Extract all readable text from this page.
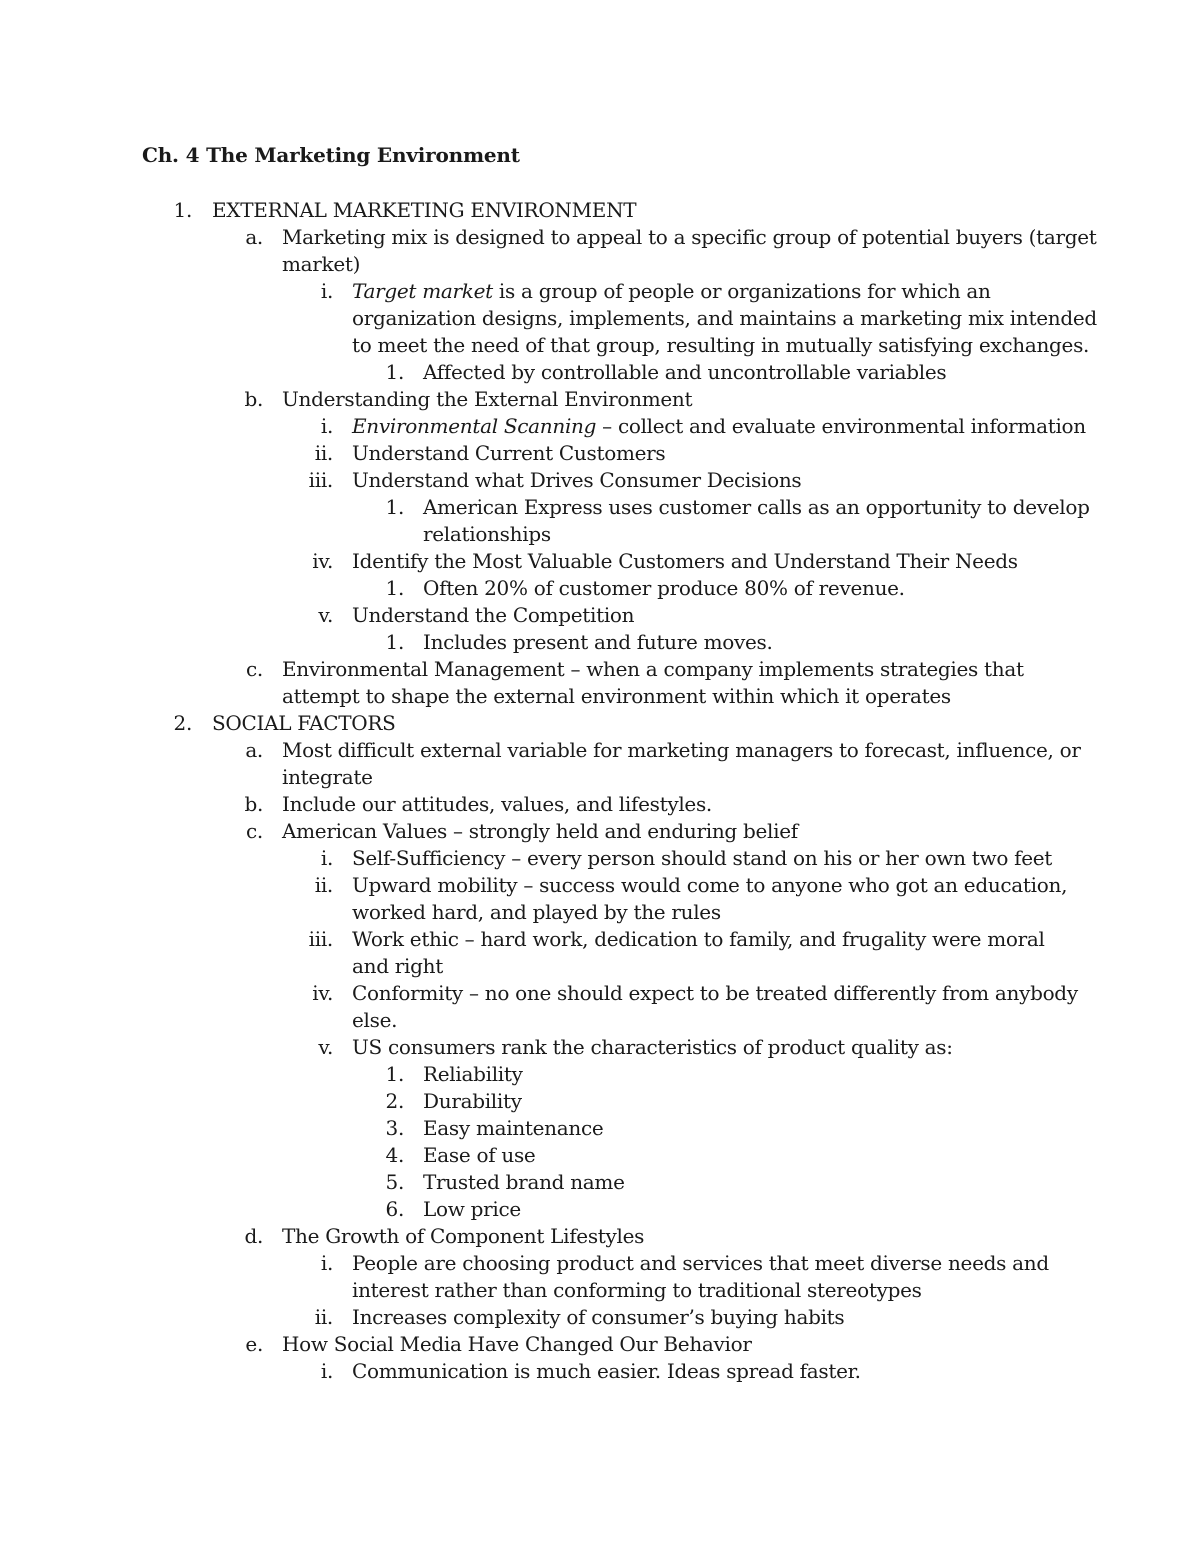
Ch. 4 The Marketing Environment
1. EXTERNAL MARKETING ENVIRONMENT
a. Marketing mix is designed to appeal to a specific group of potential buyers (target
market)
i. Target market is a group of people or organizations for which an
organization designs, implements, and maintains a marketing mix intended
to meet the need of that group, resulting in mutually satisfying exchanges.
1. Affected by controllable and uncontrollable variables
b. Understanding the External Environment
i. Environmental Scanning – collect and evaluate environmental information
ii. Understand Current Customers
iii. Understand what Drives Consumer Decisions
1. American Express uses customer calls as an opportunity to develop
relationships
iv. Identify the Most Valuable Customers and Understand Their Needs
1. Often 20% of customer produce 80% of revenue.
v. Understand the Competition
1. Includes present and future moves.
c. Environmental Management – when a company implements strategies that
attempt to shape the external environment within which it operates
2. SOCIAL FACTORS
a. Most difficult external variable for marketing managers to forecast, influence, or
integrate
b. Include our attitudes, values, and lifestyles.
c. American Values – strongly held and enduring belief
i. Self-Sufficiency – every person should stand on his or her own two feet
ii. Upward mobility – success would come to anyone who got an education,
worked hard, and played by the rules
iii. Work ethic – hard work, dedication to family, and frugality were moral
and right
iv. Conformity – no one should expect to be treated differently from anybody
else.
v. US consumers rank the characteristics of product quality as:
1. Reliability
2. Durability
3. Easy maintenance
4. Ease of use
5. Trusted brand name
6. Low price
d. The Growth of Component Lifestyles
i. People are choosing product and services that meet diverse needs and
interest rather than conforming to traditional stereotypes
ii. Increases complexity of consumer’s buying habits
e. How Social Media Have Changed Our Behavior
i. Communication is much easier. Ideas spread faster.
